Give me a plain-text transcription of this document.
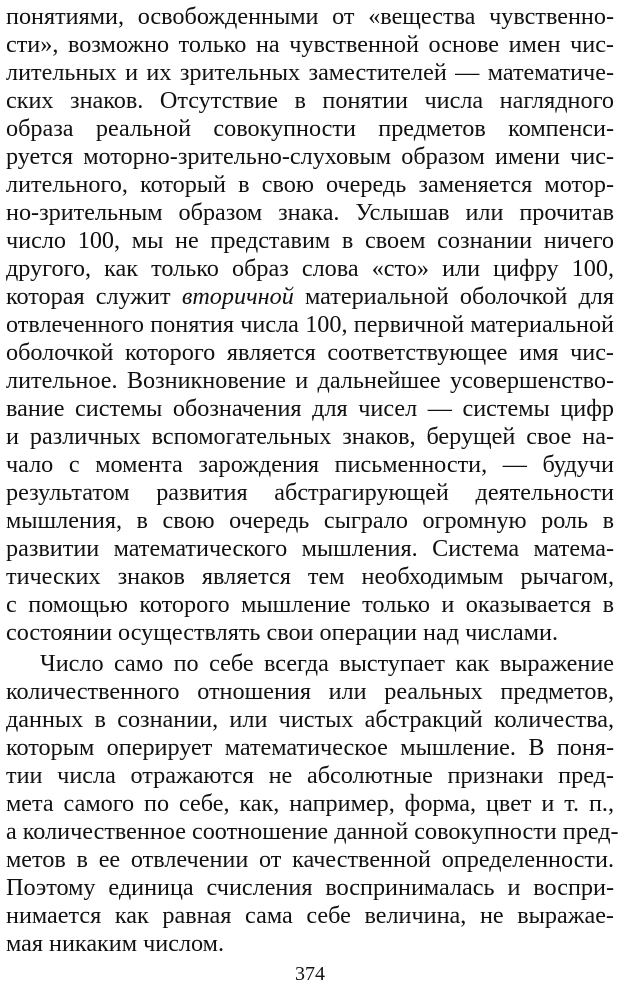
понятиями, освобожденными от «вещества чувственно-
сти», возможно только на чувственной основе имен чис-
лительных и их зрительных заместителей — математиче-
ских знаков. Отсутствие в понятии числа наглядного
образа реальной совокупности предметов компенси-
руется моторно-зрительно-слуховым образом имени чис-
лительного, который в свою очередь заменяется мотор-
но-зрительным образом знака. Услышав или прочитав
число 100, мы не представим в своем сознании ничего
другого, как только образ слова «сто» или цифру 100,
которая служит вторичной материальной оболочкой для
отвлеченного понятия числа 100, первичной материальной
оболочкой которого является соответствующее имя чис-
лительное. Возникновение и дальнейшее усовершенство-
вание системы обозначения для чисел — системы цифр
и различных вспомогательных знаков, берущей свое на-
чало с момента зарождения письменности, — будучи
результатом развития абстрагирующей деятельности
мышления, в свою очередь сыграло огромную роль в
развитии математического мышления. Система матема-
тических знаков является тем необходимым рычагом,
с помощью которого мышление только и оказывается в
состоянии осуществлять свои операции над числами.
Число само по себе всегда выступает как выражение
количественного отношения или реальных предметов,
данных в сознании, или чистых абстракций количества,
которым оперирует математическое мышление. В поня-
тии числа отражаются не абсолютные признаки пред-
мета самого по себе, как, например, форма, цвет и т. п.,
а количественное соотношение данной совокупности пред-
метов в ее отвлечении от качественной определенности.
Поэтому единица счисления воспринималась и воспри-
нимается как равная сама себе величина, не выражае-
мая никаким числом.
374
